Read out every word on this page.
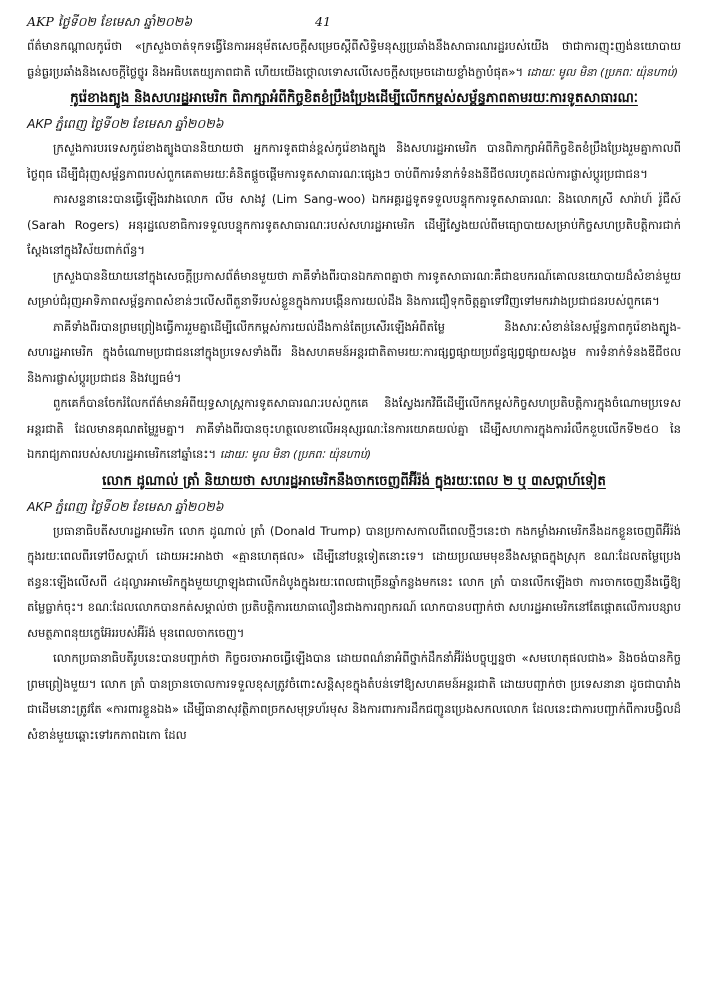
AKP ថ្ងៃទី០២ ខែមេសា ឆ្នាំ២០២៦	41

ព័ត៌មានកណ្ដាលកូរ៉េថា «ក្រសួងចាត់ទុកទង្វើនៃការអនុម័តសេចក្ដីសម្រេចស្ដីពីសិទ្ធិមនុស្សប្រឆាំងនឹងសាធារណរដ្ឋរបស់យើង ថាជាការញុះញង់នយោបាយធ្ងន់ធ្ងរប្រឆាំងនិងសេចក្ដីថ្លៃថ្នូរ និងអធិបតេយ្យភាពជាតិ ហើយយើងថ្កោលទោសលើសេចក្ដីសម្រេចដោយខ្លាំងក្លាបំផុត»។ ដោយៈ មូល មិនា (ប្រភពៈ យ៉ុនហាប់)

កូរ៉េខាងត្បូង និងសហរដ្ឋអាមេរិក ពិភាក្សាអំពីកិច្ចខិតខំប្រឹងប្រែងដើម្បីលើកកម្ពស់សម្ព័ន្ធភាពតាមរយៈការទូតសាធារណៈ
AKP ភ្នំពេញ ថ្ងៃទី០២ ខែមេសា ឆ្នាំ២០២៦

ក្រសួងការបរទេសកូរ៉េខាងត្បូងបាននិយាយថា អ្នកការទូតជាន់ខ្ពស់កូរ៉េខាងត្បូង និងសហរដ្ឋអាមេរិក បានពិភាក្សាអំពីកិច្ចខិតខំប្រឹងប្រែងរួមគ្នាកាលពីថ្ងៃពុធ ដើម្បីជំរុញសម្ព័ន្ធភាពរបស់ពួកគេតាមរយៈគំនិតផ្ដួចផ្ដើមការទូតសាធារណៈផ្សេងៗ ចាប់ពីការទំនាក់ទំនងនីជីថលរហូតដល់ការផ្លាស់ប្ដូរប្រជាជន។

ការសន្ទនានេះបានធ្វើឡើងរវាងលោក លីម សាងវូ (Lim Sang-woo) ឯកអគ្គរដ្ឋទូតទទួលបន្ទុកការទូតសាធារណៈ និងលោកស្រី សារ៉ាហ៍ រ៉ូជឺស៍ (Sarah Rogers) អនុរដ្ឋលេខាធិការទទួលបន្ទុកការទូតសាធារណៈរបស់សហរដ្ឋអាមេរិក ដើម្បីស្វែងយល់ពីមធ្យោបាយសម្រាប់កិច្ចសហប្រតិបត្តិការជាក់ស្ដែងនៅក្នុងវិស័យពាក់ព័ន្ធ។

ក្រសួងបាននិយាយនៅក្នុងសេចក្ដីប្រកាសព័ត៌មានមួយថា ភាគីទាំងពីរបានឯកភាពគ្នាថា ការទូតសាធារណៈគឺជាឧបករណ៍គោលនយោបាយដ៏សំខាន់មួយសម្រាប់ជំរុញអាទិភាពសម្ព័ន្ធភាពសំខាន់ៗលើសពីតួនាទីរបស់ខ្លួនក្នុងការបង្កើនការយល់ដឹង និងការជឿទុកចិត្តគ្នាទៅវិញទៅមករវាងប្រជាជនរបស់ពួកគេ។

ភាគីទាំងពីរបានព្រមព្រៀងធ្វើការរួមគ្នាដើម្បីលើកកម្ពស់ការយល់ដឹងកាន់តែប្រសើរឡើងអំពីតម្លៃ និងសារៈសំខាន់នៃសម្ព័ន្ធភាពកូរ៉េខាងត្បូង-សហរដ្ឋអាមេរិក ក្នុងចំណោមប្រជាជននៅក្នុងប្រទេសទាំងពីរ និងសហគមន៍អន្តរជាតិតាមរយៈការផ្សព្វផ្សាយប្រព័ន្ធផ្សព្វផ្សាយសង្គម ការទំនាក់ទំនងឌីជីថល និងការផ្លាស់ប្ដូរប្រជាជន និងវប្បធម៌។

ពួកគេក៏បានចែករំលែកព័ត៌មានអំពីយុទ្ធសាស្ត្រការទូតសាធារណៈរបស់ពួកគេ និងស្វែងរកវិធីដើម្បីលើកកម្ពស់កិច្ចសហប្រតិបត្តិការក្នុងចំណោមប្រទេសអន្តរជាតិ ដែលមានគុណតម្លៃរួមគ្នា។ ភាគីទាំងពីរបានចុះហត្ថលេខាលើអនុស្សរណៈនៃការយោគយល់គ្នា ដើម្បីសហការក្នុងការរំលឹកខួបលើកទី២៥០ នៃឯករាជ្យភាពរបស់សហរដ្ឋអាមេរិកនៅឆ្នាំនេះ។ ដោយៈ មូល មិនា (ប្រភពៈ យ៉ុនហាប់)

លោក ដូណាល់ ត្រាំ និយាយថា សហរដ្ឋអាមេរិកនឹងចាកចេញពីអ៊ីរ៉ង់ ក្នុងរយៈពេល ២ ឬ ៣សប្ដាហ៍ទៀត
AKP ភ្នំពេញ ថ្ងៃទី០២ ខែមេសា ឆ្នាំ២០២៦

ប្រធានាធិបតីសហរដ្ឋអាមេរិក លោក ដូណាល់ ត្រាំ (Donald Trump) បានប្រកាសកាលពីពេលថ្មីៗនេះថា កងកម្លាំងអាមេរិកនឹងដកខ្លួនចេញពីអ៊ីរ៉ង់ក្នុងរយៈពេលពីរទៅបីសប្ដាហ៍ ដោយអះអាងថា «គ្មានហេតុផល» ដើម្បីនៅបន្តទៀតនោះទេ។ ដោយប្រឈមមុខនឹងសម្ពាធក្នុងស្រុក ខណៈដែលតម្លៃប្រេងឥន្ធនៈឡើងលើសពី ៤ដុល្លារអាមេរិកក្នុងមួយហ្គាឡុងជាលើកដំបូងក្នុងរយៈពេលជាច្រើនឆ្នាំកន្លងមកនេះ លោក ត្រាំ បានលើកឡើងថា ការចាកចេញនឹងធ្វើឱ្យតម្លៃធ្លាក់ចុះ។ ខណៈដែលលោកបានកត់សម្គាល់ថា ប្រតិបត្តិការយោធាលឿនជាងការព្យាករណ៍ លោកបានបញ្ជាក់ថា សហរដ្ឋអាមេរិកនៅតែផ្ដោតលើការបន្សាបសមត្ថភាពនុយក្លេអ៊ែររបស់អ៊ីរ៉ង់ មុនពេលចាកចេញ។

លោកប្រធានាធិបតីរូបនេះបានបញ្ជាក់ថា កិច្ចចរចាអាចធ្វើឡើងបាន ដោយពណ៌នាអំពីថ្នាក់ដឹកនាំអ៊ីរ៉ង់បច្ចុប្បន្នថា «សមហេតុផលជាង» និងចង់បានកិច្ចព្រមព្រៀងមួយ។ លោក ត្រាំ បានច្រានចោលការទទួលខុសត្រូវចំពោះសន្តិសុខក្នុងតំបន់ទៅឱ្យសហគមន៍អន្តរជាតិ ដោយបញ្ជាក់ថា ប្រទេសនានា ដូចជាបារាំងជាដើមនោះត្រូវតែ «ការពារខ្លួនឯង» ដើម្បីធានាសុវត្ថិភាពច្រកសមុទ្រហ័រមុស និងការពារការដឹកជញ្ជូនប្រេងសកលលោក ដែលនេះជាការបញ្ជាក់ពីការបង្វិលដ៏សំខាន់មួយឆ្ពោះទៅរកភាពឯកោ ដែល
